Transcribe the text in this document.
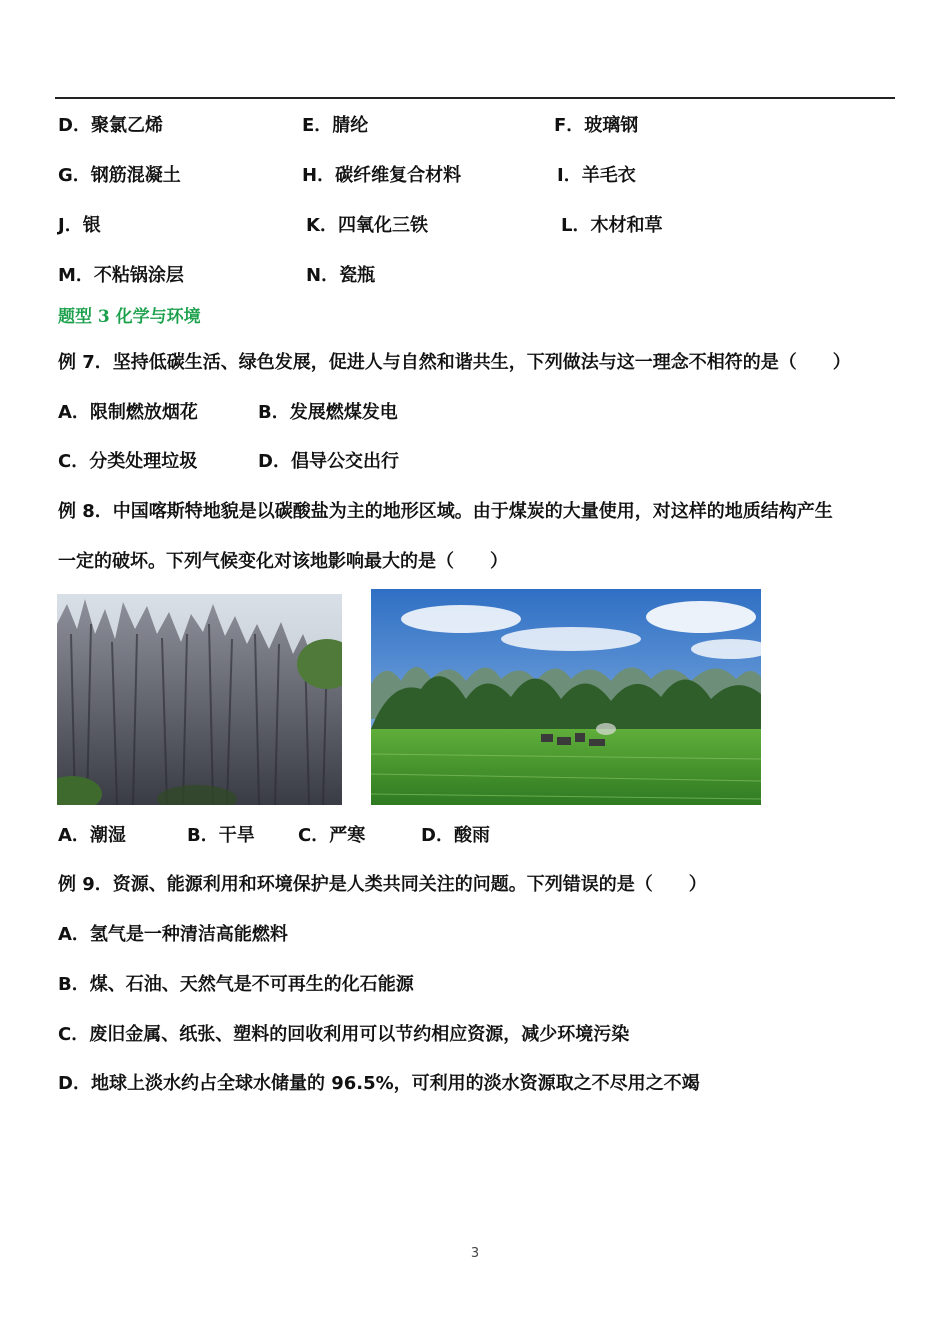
D．聚氯乙烯	E．腈纶	F．玻璃钢
G．钢筋混凝土	H．碳纤维复合材料	I．羊毛衣
J．银	K．四氧化三铁	L．木材和草
M．不粘锅涂层	N．瓷瓶
题型 3 化学与环境
例 7．坚持低碳生活、绿色发展，促进人与自然和谐共生，下列做法与这一理念不相符的是（　　）
A．限制燃放烟花	B．发展燃煤发电
C．分类处理垃圾	D．倡导公交出行
例 8．中国喀斯特地貌是以碳酸盐为主的地形区域。由于煤炭的大量使用，对这样的地质结构产生
一定的破坏。下列气候变化对该地影响最大的是（　　）
A．潮湿	B．干旱 C．严寒	D．酸雨
例 9．资源、能源利用和环境保护是人类共同关注的问题。下列错误的是（　　）
A．氢气是一种清洁高能燃料
B．煤、石油、天然气是不可再生的化石能源
C．废旧金属、纸张、塑料的回收利用可以节约相应资源，减少环境污染
D．地球上淡水约占全球水储量的 96.5%，可利用的淡水资源取之不尽用之不竭
3
